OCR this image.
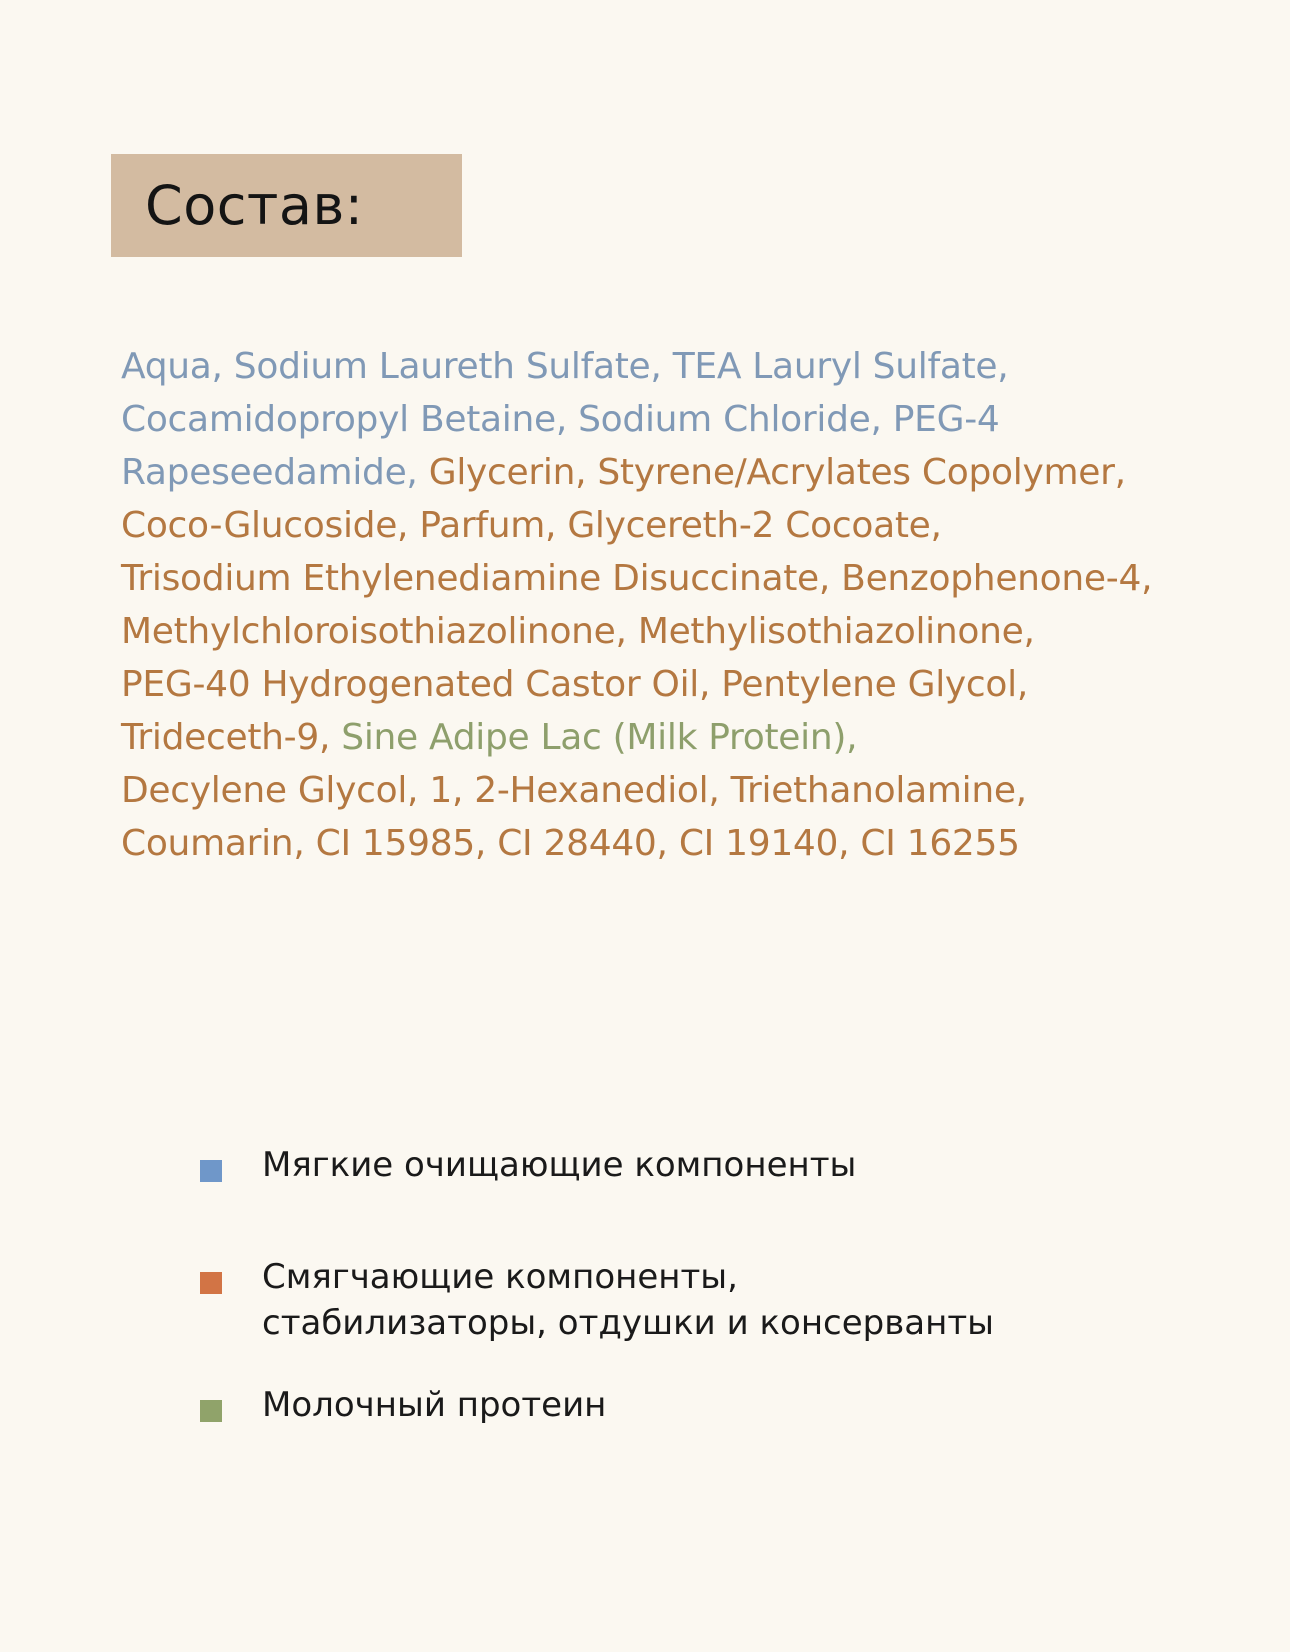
Состав:
Aqua, Sodium Laureth Sulfate, TEA Lauryl Sulfate,
Cocamidopropyl Betaine, Sodium Chloride, PEG-4
Rapeseedamide, Glycerin, Styrene/Acrylates Copolymer,
Coco-Glucoside, Parfum, Glycereth-2 Cocoate,
Trisodium Ethylenediamine Disuccinate, Benzophenone-4,
Methylchloroisothiazolinone, Methylisothiazolinone,
PEG-40 Hydrogenated Castor Oil, Pentylene Glycol,
Trideceth-9, Sine Adipe Lac (Milk Protein),
Decylene Glycol, 1, 2-Hexanediol, Triethanolamine,
Coumarin, CI 15985, CI 28440, CI 19140, CI 16255
Мягкие очищающие компоненты
Смягчающие компоненты,
стабилизаторы, отдушки и консерванты
Молочный протеин
